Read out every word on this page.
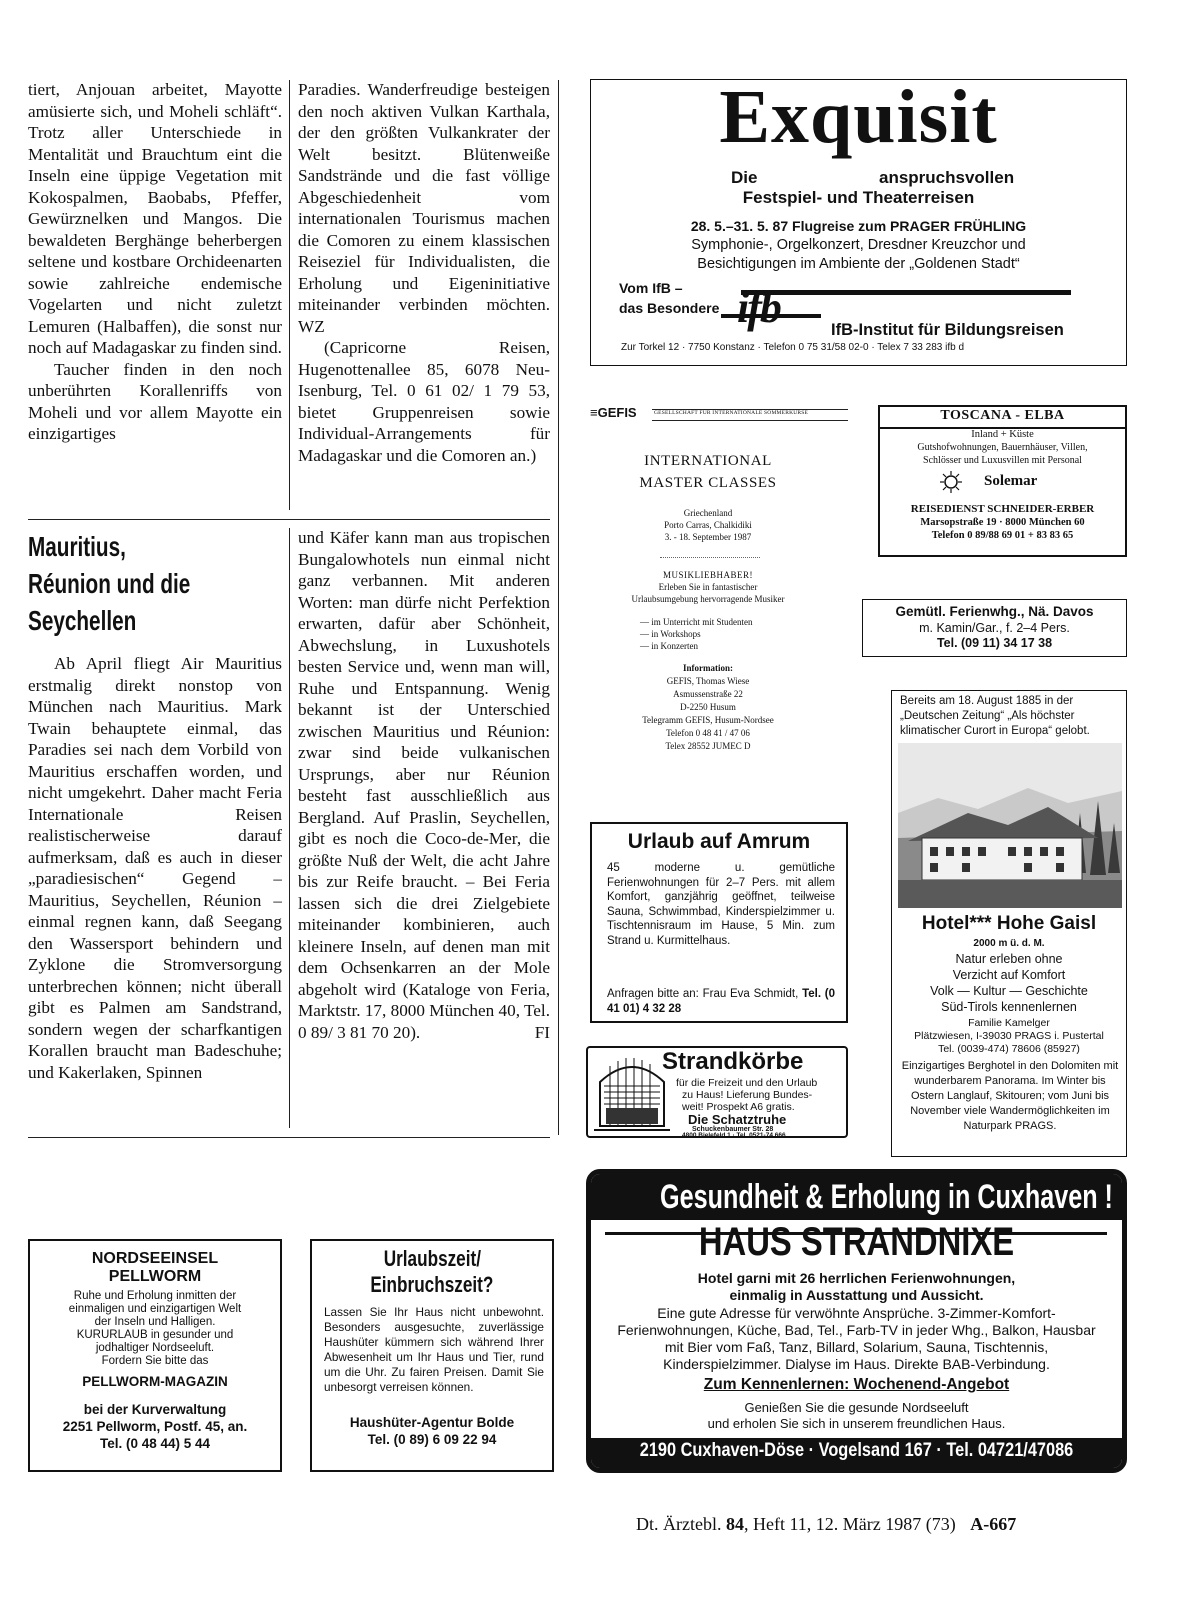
tiert, Anjouan arbeitet, Mayotte amüsierte sich, und Moheli schläft“. Trotz aller Unterschiede in Mentalität und Brauchtum eint die Inseln eine üppige Vegetation mit Kokospalmen, Baobabs, Pfeffer, Gewürznelken und Mangos. Die bewaldeten Berghänge beherbergen seltene und kostbare Orchideenarten sowie zahlreiche endemische Vogelarten und nicht zuletzt Lemuren (Halbaffen), die sonst nur noch auf Madagaskar zu finden sind.

Taucher finden in den noch unberührten Korallenriffs von Moheli und vor allem Mayotte ein einzigartiges

Paradies. Wanderfreudige besteigen den noch aktiven Vulkan Karthala, der den größten Vulkankrater der Welt besitzt. Blütenweiße Sandstrände und die fast völlige Abgeschiedenheit vom internationalen Tourismus machen die Comoren zu einem klassischen Reiseziel für Individualisten, die Erholung und Eigeninitiative miteinander verbinden möchten. WZ

(Capricorne Reisen, Hugenottenallee 85, 6078 Neu-Isenburg, Tel. 0 61 02/ 1 79 53, bietet Gruppenreisen sowie Individual-Arrangements für Madagaskar und die Comoren an.)

Mauritius,
Réunion und die
Seychellen

Ab April fliegt Air Mauritius erstmalig direkt nonstop von München nach Mauritius. Mark Twain behauptete einmal, das Paradies sei nach dem Vorbild von Mauritius erschaffen worden, und nicht umgekehrt. Daher macht Feria Internationale Reisen realistischerweise darauf aufmerksam, daß es auch in dieser „paradiesischen“ Gegend – Mauritius, Seychellen, Réunion – einmal regnen kann, daß Seegang den Wassersport behindern und Zyklone die Stromversorgung unterbrechen können; nicht überall gibt es Palmen am Sandstrand, sondern wegen der scharfkantigen Korallen braucht man Badeschuhe; und Kakerlaken, Spinnen

und Käfer kann man aus tropischen Bungalowhotels nun einmal nicht ganz verbannen. Mit anderen Worten: man dürfe nicht Perfektion erwarten, dafür aber Schönheit, Abwechslung, in Luxushotels besten Service und, wenn man will, Ruhe und Entspannung. Wenig bekannt ist der Unterschied zwischen Mauritius und Réunion: zwar sind beide vulkanischen Ursprungs, aber nur Réunion besteht fast ausschließlich aus Bergland. Auf Praslin, Seychellen, gibt es noch die Coco-de-Mer, die größte Nuß der Welt, die acht Jahre bis zur Reife braucht. – Bei Feria lassen sich die drei Zielgebiete miteinander kombinieren, auch kleinere Inseln, auf denen man mit dem Ochsenkarren an der Mole abgeholt wird (Kataloge von Feria, Marktstr. 17, 8000 München 40, Tel. 0 89/ 3 81 70 20).	FI

Exquisit
Die	anspruchsvollen
Festspiel- und Theaterreisen
28. 5.–31. 5. 87 Flugreise zum PRAGER FRÜHLING
Symphonie-, Orgelkonzert, Dresdner Kreuzchor und
Besichtigungen im Ambiente der „Goldenen Stadt“
Vom IfB –
das Besondere ifb	IfB-Institut für Bildungsreisen
Zur Torkel 12 · 7750 Konstanz · Telefon 0 75 31/58 02-0 · Telex 7 33 283 ifb d
≡GEFIS	GESELLSCHAFT FÜR INTERNATIONALE SOMMERKURSE
INTERNATIONAL
MASTER CLASSES
Griechenland
Porto Carras, Chalkidiki
3. - 18. September 1987
MUSIKLIEBHABER!
Erleben Sie in fantastischer
Urlaubsumgebung hervorragende Musiker
— im Unterricht mit Studenten
— in Workshops
— in Konzerten
Information:
GEFIS, Thomas Wiese
Asmussenstraße 22
D-2250 Husum
Telegramm GEFIS, Husum-Nordsee
Telefon 0 48 41 / 47 06
Telex 28552 JUMEC D
TOSCANA - ELBA
Inland + Küste
Gutshofwohnungen, Bauernhäuser, Villen,
Schlösser und Luxusvillen mit Personal
Solemar
REISEDIENST SCHNEIDER-ERBER
Marsopstraße 19 · 8000 München 60
Telefon 0 89/88 69 01 + 83 83 65
Gemütl. Ferienwhg., Nä. Davos
m. Kamin/Gar., f. 2–4 Pers.
Tel. (09 11) 34 17 38
Bereits am 18. August 1885 in der „Deutschen Zeitung“ „Als höchster klimatischer Curort in Europa“ gelobt.
Hotel*** Hohe Gaisl
2000 m ü. d. M.
Natur erleben ohne
Verzicht auf Komfort
Volk — Kultur — Geschichte
Süd-Tirols kennenlernen
Familie Kamelger
Plätzwiesen, I-39030 PRAGS i. Pustertal
Tel. (0039-474) 78606 (85927)
Einzigartiges Berghotel in den Dolomiten mit wunderbarem Panorama. Im Winter bis Ostern Langlauf, Skitouren; vom Juni bis November viele Wandermöglichkeiten im Naturpark PRAGS.
Urlaub auf Amrum
45 moderne u. gemütliche Ferienwohnungen für 2–7 Pers. mit allem Komfort, ganzjährig geöffnet, teilweise Sauna, Schwimmbad, Kinderspielzimmer u. Tischtennisraum im Hause, 5 Min. zum Strand u. Kurmittelhaus.
Anfragen bitte an: Frau Eva Schmidt, Tel. (0 41 01) 4 32 28
Strandkörbe
für die Freizeit und den Urlaub
zu Haus! Lieferung Bundes-
weit! Prospekt A6 gratis.
Die Schatztruhe
Schuckenbaumer Str. 28
4800 Bielefeld 1 · Tel. 0521-74 666
Gesundheit & Erholung in Cuxhaven !
HAUS STRANDNIXE
Hotel garni mit 26 herrlichen Ferienwohnungen,
einmalig in Ausstattung und Aussicht.
Eine gute Adresse für verwöhnte Ansprüche. 3-Zimmer-Komfort-Ferienwohnungen, Küche, Bad, Tel., Farb-TV in jeder Whg., Balkon, Hausbar mit Bier vom Faß, Tanz, Billard, Solarium, Sauna, Tischtennis, Kinderspielzimmer. Dialyse im Haus. Direkte BAB-Verbindung.
Zum Kennenlernen: Wochenend-Angebot
Genießen Sie die gesunde Nordseeluft
und erholen Sie sich in unserem freundlichen Haus.
2190 Cuxhaven-Döse · Vogelsand 167 · Tel. 04721/47086
NORDSEEINSEL
PELLWORM
Ruhe und Erholung inmitten der
einmaligen und einzigartigen Welt
der Inseln und Halligen.
KURURLAUB in gesunder und
jodhaltiger Nordseeluft.
Fordern Sie bitte das
PELLWORM-MAGAZIN
bei der Kurverwaltung
2251 Pellworm, Postf. 45, an.
Tel. (0 48 44) 5 44
Urlaubszeit/
Einbruchszeit?
Lassen Sie Ihr Haus nicht unbewohnt. Besonders ausgesuchte, zuverlässige Haushüter kümmern sich während Ihrer Abwesenheit um Ihr Haus und Tier, rund um die Uhr. Zu fairen Preisen. Damit Sie unbesorgt verreisen können.
Haushüter-Agentur Bolde
Tel. (0 89) 6 09 22 94
Dt. Ärztebl. 84, Heft 11, 12. März 1987 (73) A-667
